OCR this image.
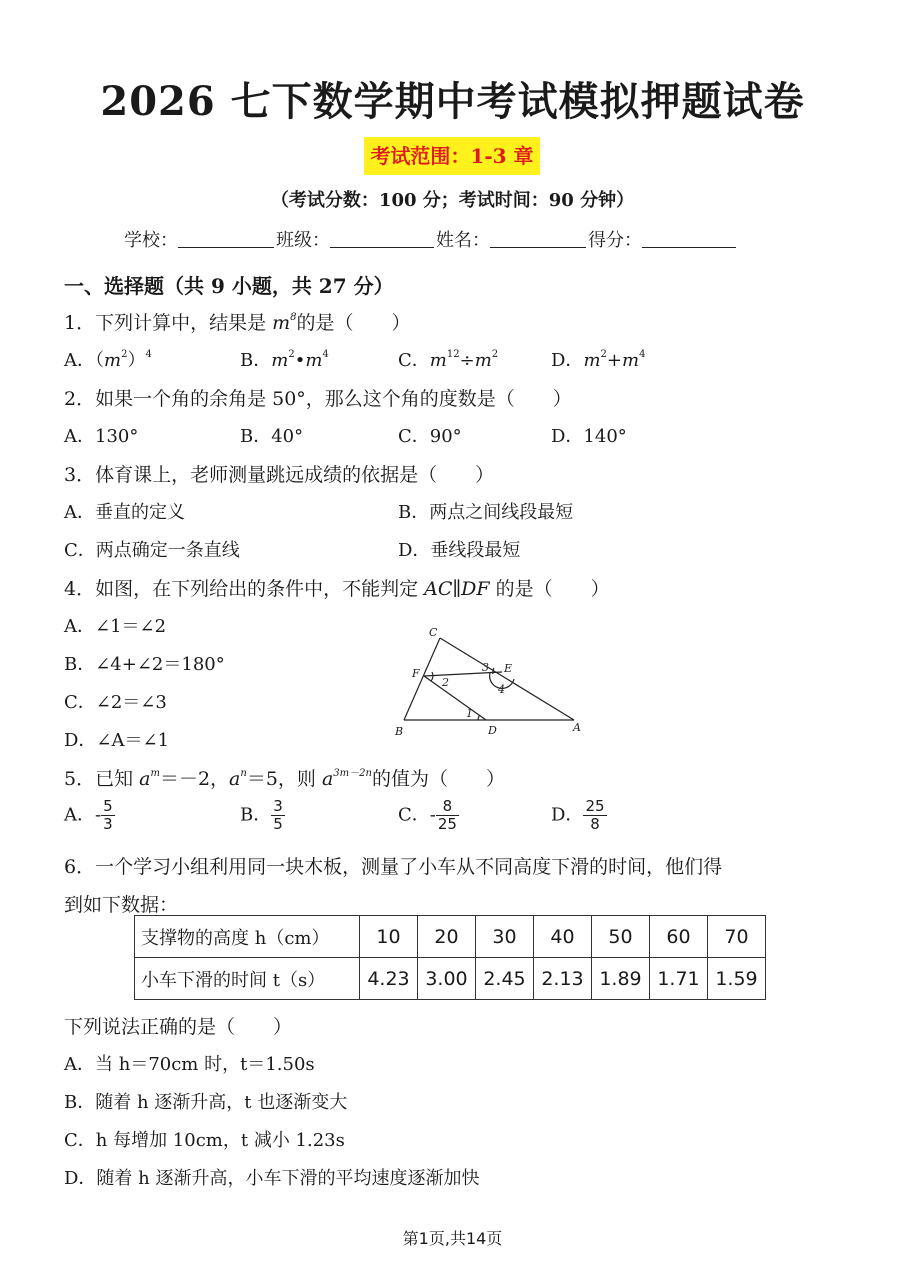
2026 七下数学期中考试模拟押题试卷
考试范围：1-3 章
（考试分数：100 分；考试时间：90 分钟）
学校：	班级：	姓名：	得分：
一、选择题（共 9 小题，共 27 分）
1．下列计算中，结果是 $m^8$的是（　　）
A．$(m^2)^4$	B．$m^2•m^4$	C．$m^{12}\div m^2$	D．$m^2+m^4$
2．如果一个角的余角是 50°，那么这个角的度数是（　　）
A．130°	B．40°	C．90°	D．140°
3．体育课上，老师测量跳远成绩的依据是（　　）
A．垂直的定义	B．两点之间线段最短
C．两点确定一条直线	D．垂线段最短
4．如图，在下列给出的条件中，不能判定 AC∥DF 的是（　　）
A．∠1＝∠2
B．∠4+∠2＝180°
C．∠2＝∠3
D．∠A＝∠1
C
F	E
B	D	A
1
2
3
4
5．已知 $a^m=-2$，$a^n=5$，则 $a^{3m-2n}$的值为（　　）
A．- $\frac{5}{3}$	B． $\frac{3}{5}$	C．- $\frac{8}{25}$	D． $\frac{25}{8}$
6．一个学习小组利用同一块木板，测量了小车从不同高度下滑的时间，他们得
到如下数据：
支撑物的高度 h（cm）	10	20	30	40	50	60	70
小车下滑的时间 t（s）	4.23	3.00	2.45	2.13	1.89	1.71	1.59
下列说法正确的是（　　）
A．当 h＝70cm 时，t＝1.50s
B．随着 h 逐渐升高，t 也逐渐变大
C．h 每增加 10cm，t 减小 1.23s
D．随着 h 逐渐升高，小车下滑的平均速度逐渐加快
第1页,共14页
